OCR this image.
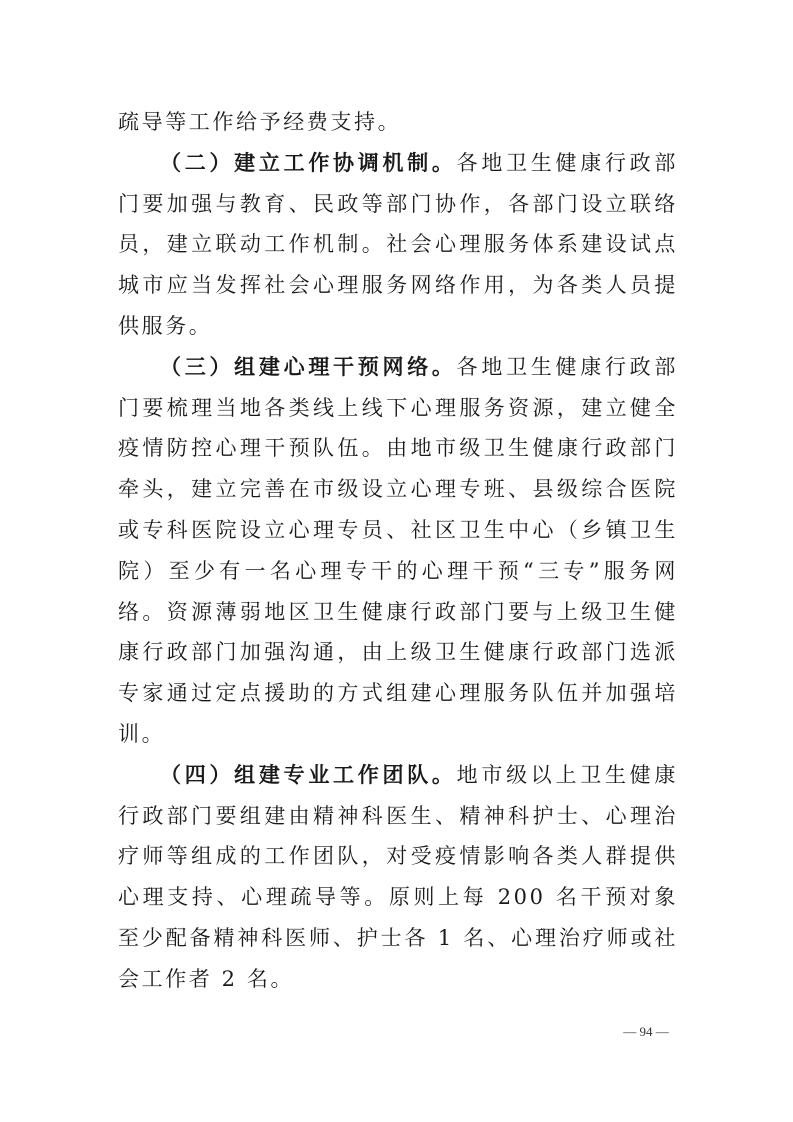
疏导等工作给予经费支持。

（二）建立工作协调机制。各地卫生健康行政部门要加强与教育、民政等部门协作，各部门设立联络员，建立联动工作机制。社会心理服务体系建设试点城市应当发挥社会心理服务网络作用，为各类人员提供服务。

（三）组建心理干预网络。各地卫生健康行政部门要梳理当地各类线上线下心理服务资源，建立健全疫情防控心理干预队伍。由地市级卫生健康行政部门牵头，建立完善在市级设立心理专班、县级综合医院或专科医院设立心理专员、社区卫生中心（乡镇卫生院）至少有一名心理专干的心理干预“三专”服务网络。资源薄弱地区卫生健康行政部门要与上级卫生健康行政部门加强沟通，由上级卫生健康行政部门选派专家通过定点援助的方式组建心理服务队伍并加强培训。

（四）组建专业工作团队。地市级以上卫生健康行政部门要组建由精神科医生、精神科护士、心理治疗师等组成的工作团队，对受疫情影响各类人群提供心理支持、心理疏导等。原则上每 200 名干预对象至少配备精神科医师、护士各 1 名、心理治疗师或社会工作者 2 名。

— 94 —
